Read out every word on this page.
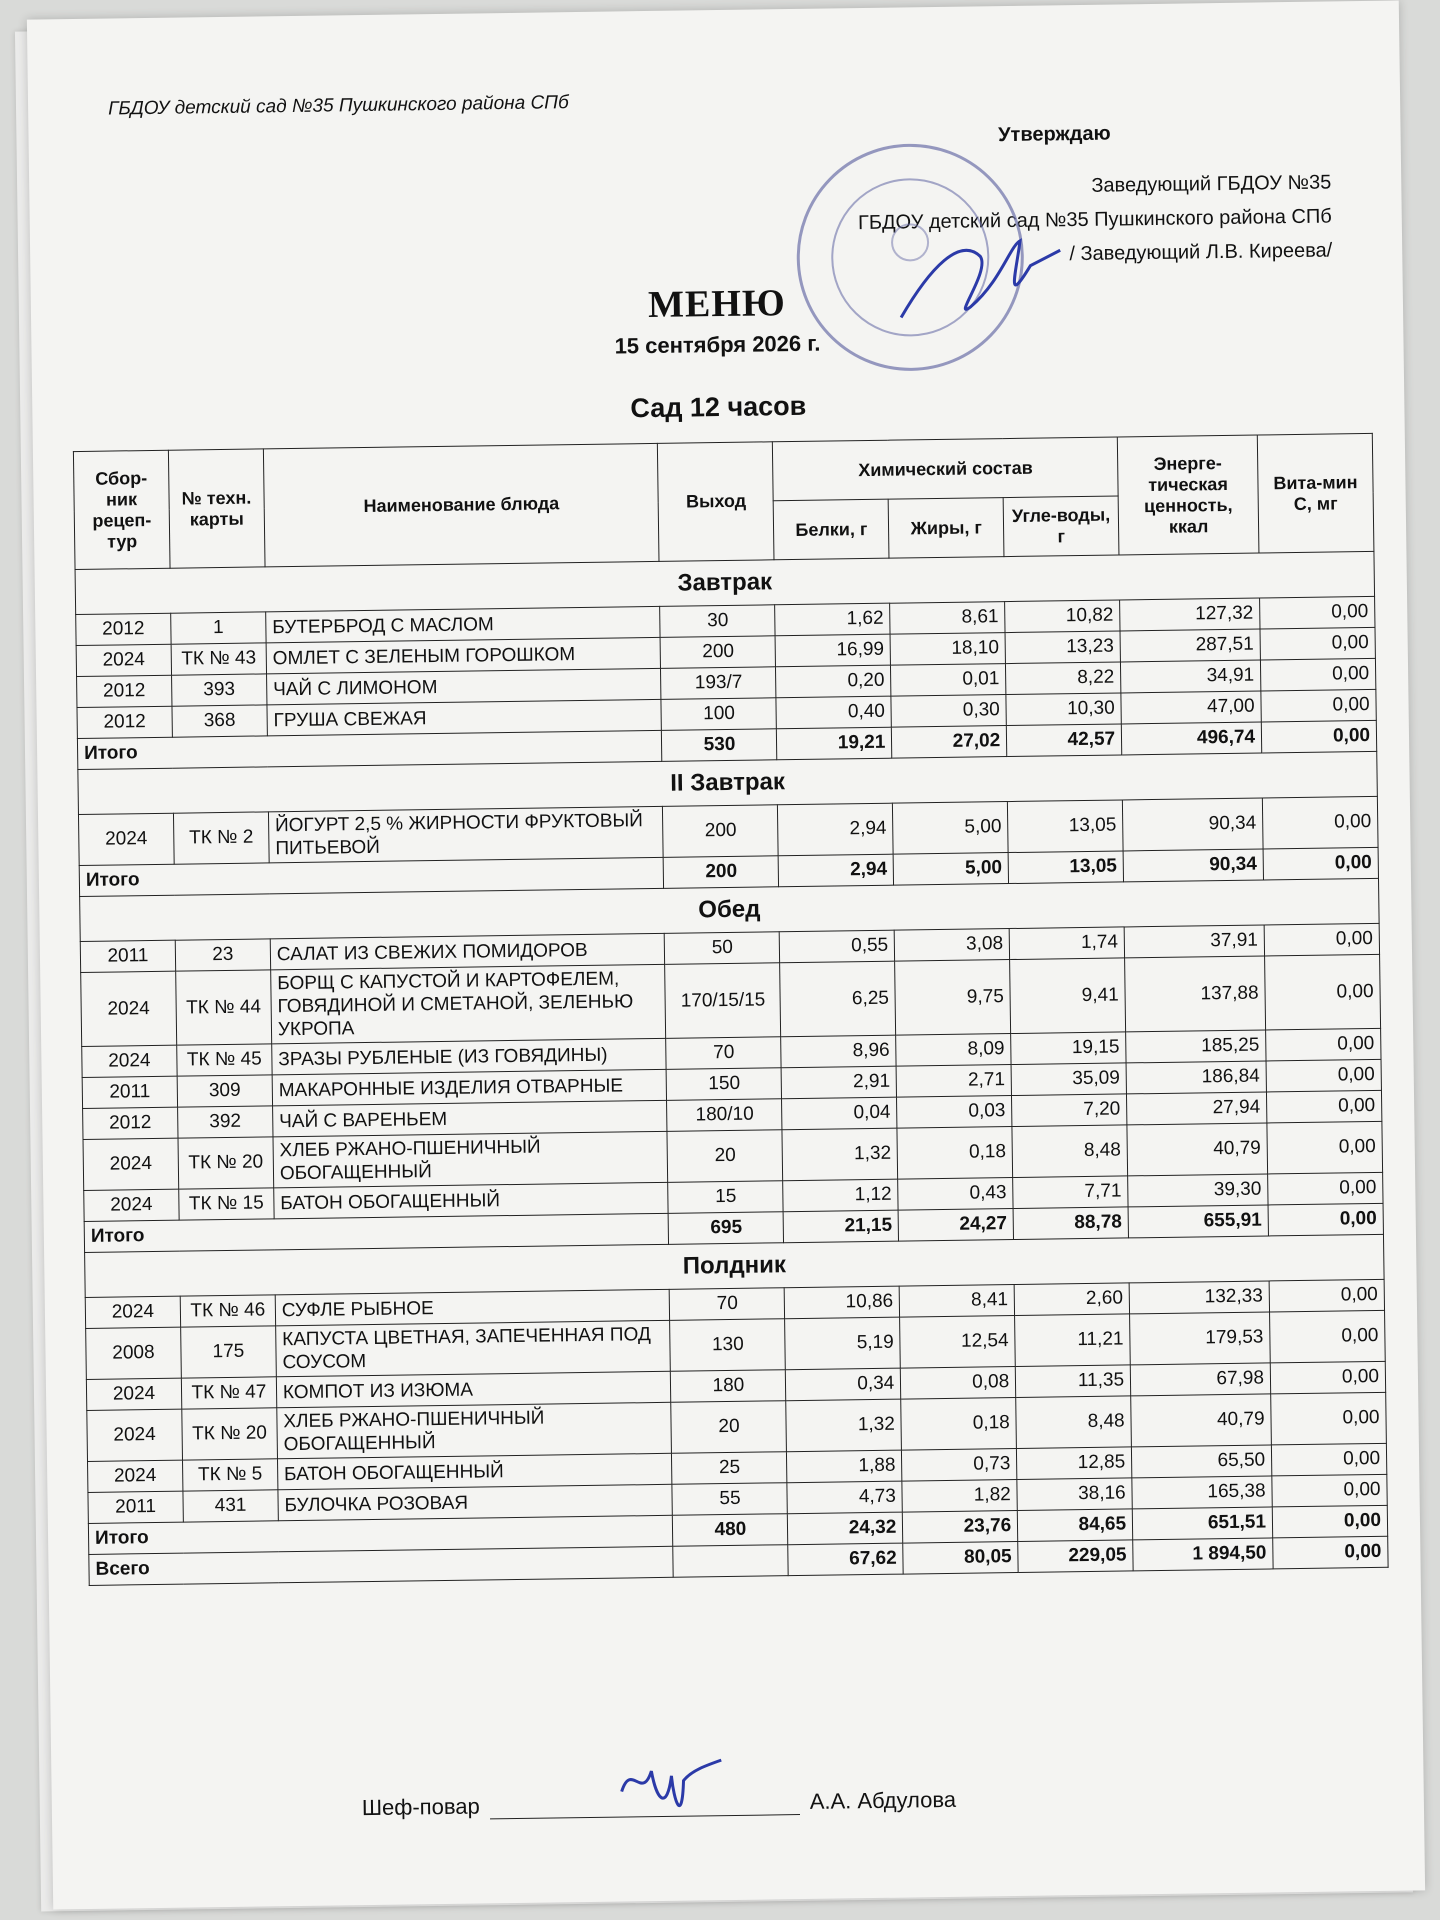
ГБДОУ детский сад №35 Пушкинского района СПб
Утверждаю
Заведующий ГБДОУ №35
ГБДОУ детский сад №35 Пушкинского района СПб
/ Заведующий Л.В. Киреева/
МЕНЮ
15 сентября 2026 г.
Сад 12 часов
Сбор-ник рецеп-тур	№ техн. карты	Наименование блюда	Выход	Химический состав			Энерге-тическая ценность, ккал	Вита-мин С, мг
				Белки, г	Жиры, г	Угле-воды, г		
Завтрак								
2012	1	БУТЕРБРОД С МАСЛОМ	30	1,62	8,61	10,82	127,32	0,00
2024	ТК № 43	ОМЛЕТ С ЗЕЛЕНЫМ ГОРОШКОМ	200	16,99	18,10	13,23	287,51	0,00
2012	393	ЧАЙ С ЛИМОНОМ	193/7	0,20	0,01	8,22	34,91	0,00
2012	368	ГРУША СВЕЖАЯ	100	0,40	0,30	10,30	47,00	0,00
Итого			530	19,21	27,02	42,57	496,74	0,00
II Завтрак								
2024	ТК № 2	ЙОГУРТ 2,5 % ЖИРНОСТИ ФРУКТОВЫЙ ПИТЬЕВОЙ	200	2,94	5,00	13,05	90,34	0,00
Итого			200	2,94	5,00	13,05	90,34	0,00
Обед								
2011	23	САЛАТ ИЗ СВЕЖИХ ПОМИДОРОВ	50	0,55	3,08	1,74	37,91	0,00
2024	ТК № 44	БОРЩ С КАПУСТОЙ И КАРТОФЕЛЕМ, ГОВЯДИНОЙ И СМЕТАНОЙ, ЗЕЛЕНЬЮ УКРОПА	170/15/15	6,25	9,75	9,41	137,88	0,00
2024	ТК № 45	ЗРАЗЫ РУБЛЕНЫЕ (ИЗ ГОВЯДИНЫ)	70	8,96	8,09	19,15	185,25	0,00
2011	309	МАКАРОННЫЕ ИЗДЕЛИЯ ОТВАРНЫЕ	150	2,91	2,71	35,09	186,84	0,00
2012	392	ЧАЙ С ВАРЕНЬЕМ	180/10	0,04	0,03	7,20	27,94	0,00
2024	ТК № 20	ХЛЕБ РЖАНО-ПШЕНИЧНЫЙ ОБОГАЩЕННЫЙ	20	1,32	0,18	8,48	40,79	0,00
2024	ТК № 15	БАТОН ОБОГАЩЕННЫЙ	15	1,12	0,43	7,71	39,30	0,00
Итого			695	21,15	24,27	88,78	655,91	0,00
Полдник								
2024	ТК № 46	СУФЛЕ РЫБНОЕ	70	10,86	8,41	2,60	132,33	0,00
2008	175	КАПУСТА ЦВЕТНАЯ, ЗАПЕЧЕННАЯ ПОД СОУСОМ	130	5,19	12,54	11,21	179,53	0,00
2024	ТК № 47	КОМПОТ ИЗ ИЗЮМА	180	0,34	0,08	11,35	67,98	0,00
2024	ТК № 20	ХЛЕБ РЖАНО-ПШЕНИЧНЫЙ ОБОГАЩЕННЫЙ	20	1,32	0,18	8,48	40,79	0,00
2024	ТК № 5	БАТОН ОБОГАЩЕННЫЙ	25	1,88	0,73	12,85	65,50	0,00
2011	431	БУЛОЧКА РОЗОВАЯ	55	4,73	1,82	38,16	165,38	0,00
Итого			480	24,32	23,76	84,65	651,51	0,00
Всего				67,62	80,05	229,05	1 894,50	0,00
Шеф-повар	А.А. Абдулова
